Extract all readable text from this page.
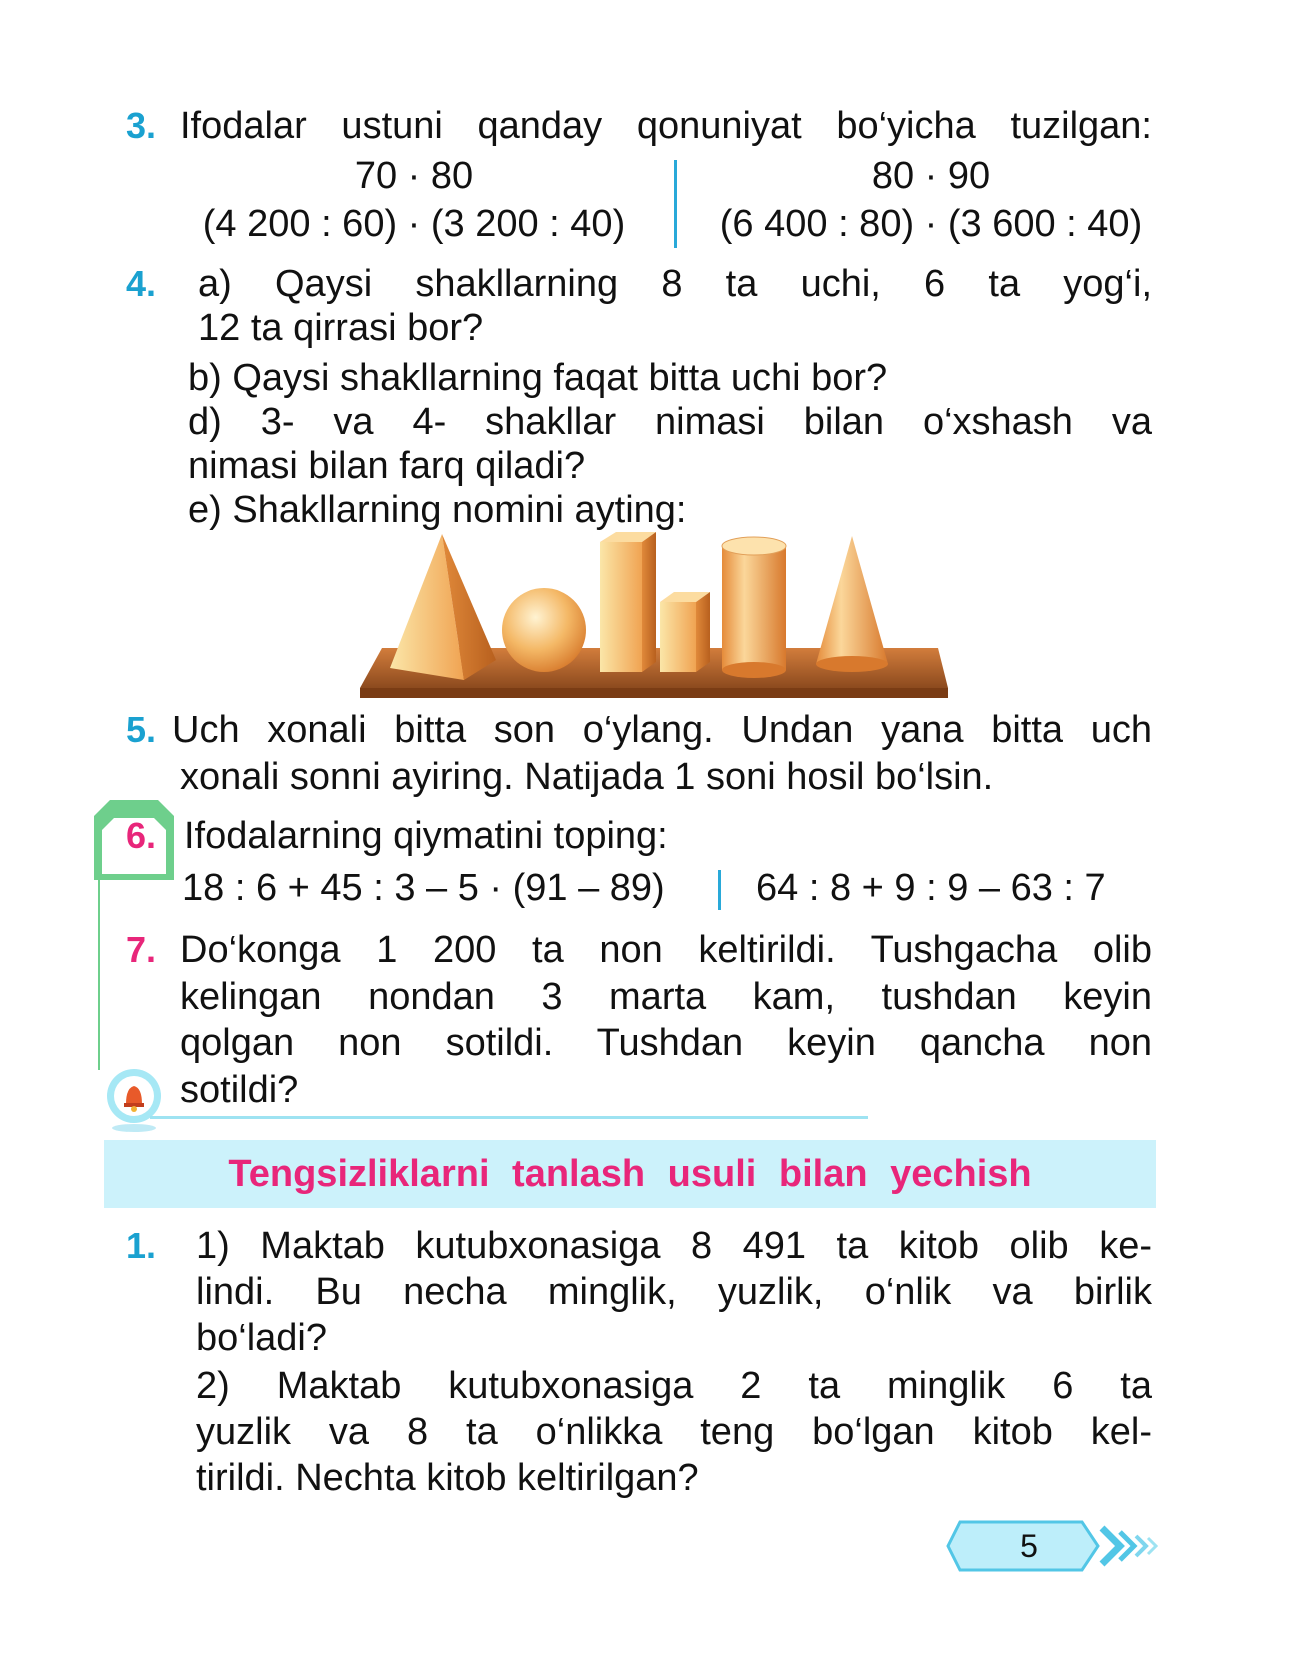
3. Ifodalar ustuni qanday qonuniyat bo‘yicha tuzilgan:
70 · 80
(4 200 : 60) · (3 200 : 40)
80 · 90
(6 400 : 80) · (3 600 : 40)
4. a) Qaysi shakllarning 8 ta uchi, 6 ta yog‘i,
12 ta qirrasi bor?
b) Qaysi shakllarning faqat bitta uchi bor?
d) 3- va 4- shakllar nimasi bilan o‘xshash va
nimasi bilan farq qiladi?
e) Shakllarning nomini ayting:
5. Uch xonali bitta son o‘ylang. Undan yana bitta uch
xonali sonni ayiring. Natijada 1 soni hosil bo‘lsin.
6. Ifodalarning qiymatini toping:
18 : 6 + 45 : 3 – 5 · (91 – 89) 64 : 8 + 9 : 9 – 63 : 7
7. Do‘konga 1 200 ta non keltirildi. Tushgacha olib
kelingan nondan 3 marta kam, tushdan keyin
qolgan non sotildi. Tushdan keyin qancha non
sotildi?
Tengsizliklarni tanlash usuli bilan yechish
1. 1) Maktab kutubxonasiga 8 491 ta kitob olib ke-
lindi. Bu necha minglik, yuzlik, o‘nlik va birlik
bo‘ladi?
2) Maktab kutubxonasiga 2 ta minglik 6 ta
yuzlik va 8 ta o‘nlikka teng bo‘lgan kitob kel-
tirildi. Nechta kitob keltirilgan?
5
